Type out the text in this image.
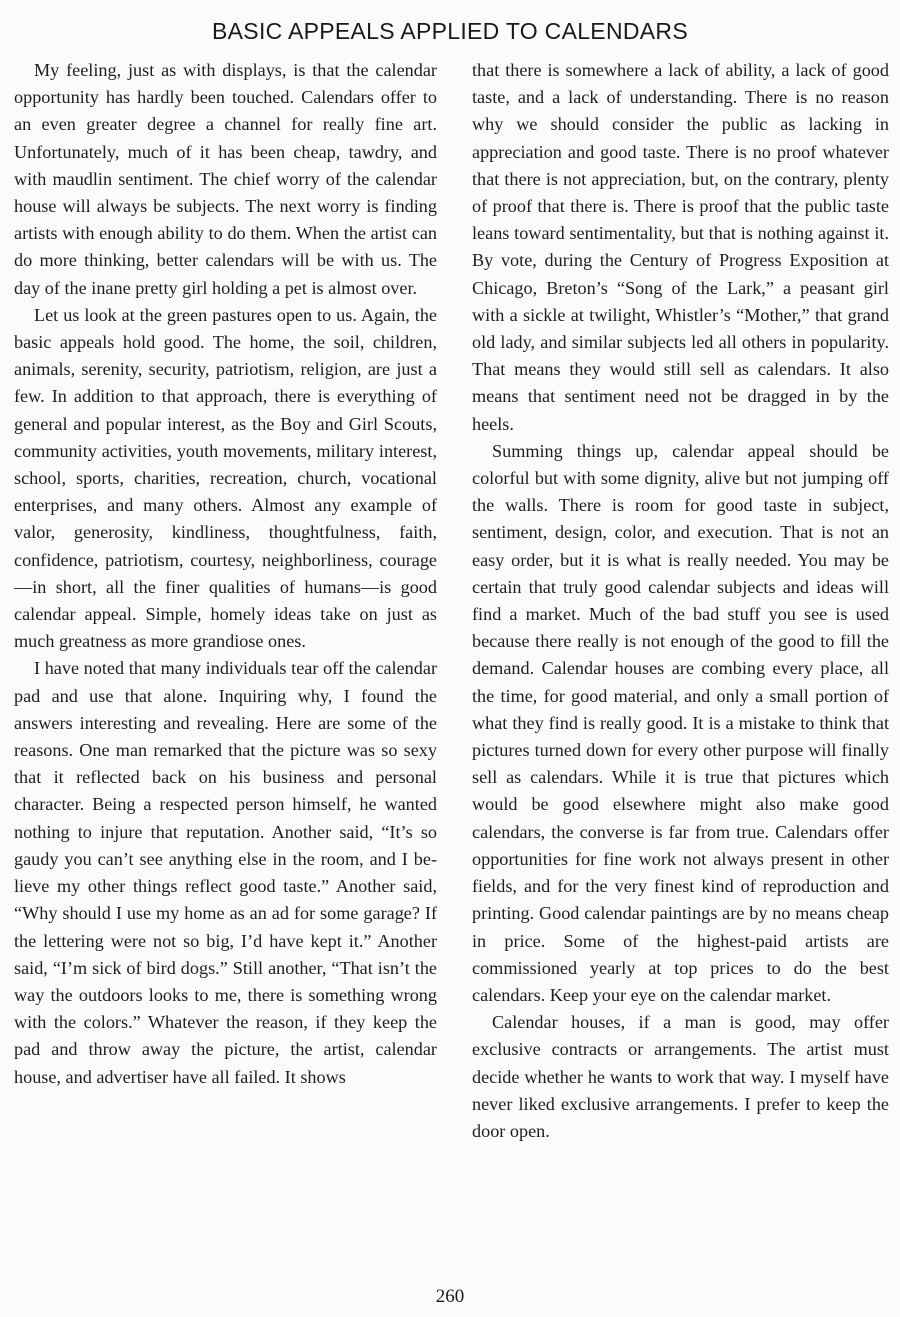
BASIC APPEALS APPLIED TO CALENDARS

My feeling, just as with displays, is that the calendar opportunity has hardly been touched. Calendars offer to an even greater degree a channel for really fine art. Unfortunately, much of it has been cheap, tawdry, and with maudlin sentiment. The chief worry of the calendar house will always be subjects. The next worry is finding artists with enough ability to do them. When the artist can do more thinking, better calendars will be with us. The day of the inane pretty girl holding a pet is almost over.

Let us look at the green pastures open to us. Again, the basic appeals hold good. The home, the soil, children, animals, serenity, security, patriotism, religion, are just a few. In addition to that approach, there is everything of general and popular interest, as the Boy and Girl Scouts, community activities, youth movements, military interest, school, sports, charities, recreation, church, vocational enterprises, and many others. Almost any example of valor, generosity, kindliness, thoughtfulness, faith, confidence, patriotism, courtesy, neighborliness, courage—in short, all the finer qualities of humans—is good calendar appeal. Simple, homely ideas take on just as much greatness as more grandiose ones.

I have noted that many individuals tear off the calendar pad and use that alone. Inquiring why, I found the answers interesting and revealing. Here are some of the reasons. One man remarked that the picture was so sexy that it reflected back on his business and personal character. Being a respected person himself, he wanted nothing to injure that reputation. Another said, “It’s so gaudy you can’t see anything else in the room, and I believe my other things reflect good taste.” Another said, “Why should I use my home as an ad for some garage? If the lettering were not so big, I’d have kept it.” Another said, “I’m sick of bird dogs.” Still another, “That isn’t the way the outdoors looks to me, there is something wrong with the colors.” Whatever the reason, if they keep the pad and throw away the picture, the artist, calendar house, and advertiser have all failed. It shows

that there is somewhere a lack of ability, a lack of good taste, and a lack of understanding. There is no reason why we should consider the public as lacking in appreciation and good taste. There is no proof whatever that there is not appreciation, but, on the contrary, plenty of proof that there is. There is proof that the public taste leans toward sentimentality, but that is nothing against it. By vote, during the Century of Progress Exposition at Chicago, Breton’s “Song of the Lark,” a peasant girl with a sickle at twilight, Whistler’s “Mother,” that grand old lady, and similar subjects led all others in popularity. That means they would still sell as calendars. It also means that sentiment need not be dragged in by the heels.

Summing things up, calendar appeal should be colorful but with some dignity, alive but not jumping off the walls. There is room for good taste in subject, sentiment, design, color, and execution. That is not an easy order, but it is what is really needed. You may be certain that truly good calendar subjects and ideas will find a market. Much of the bad stuff you see is used because there really is not enough of the good to fill the demand. Calendar houses are combing every place, all the time, for good material, and only a small portion of what they find is really good. It is a mistake to think that pictures turned down for every other purpose will finally sell as calendars. While it is true that pictures which would be good elsewhere might also make good calendars, the converse is far from true. Calendars offer opportunities for fine work not always present in other fields, and for the very finest kind of reproduction and printing. Good calendar paintings are by no means cheap in price. Some of the highest-paid artists are commissioned yearly at top prices to do the best calendars. Keep your eye on the calendar market.

Calendar houses, if a man is good, may offer exclusive contracts or arrangements. The artist must decide whether he wants to work that way. I myself have never liked exclusive arrangements. I prefer to keep the door open.

260
